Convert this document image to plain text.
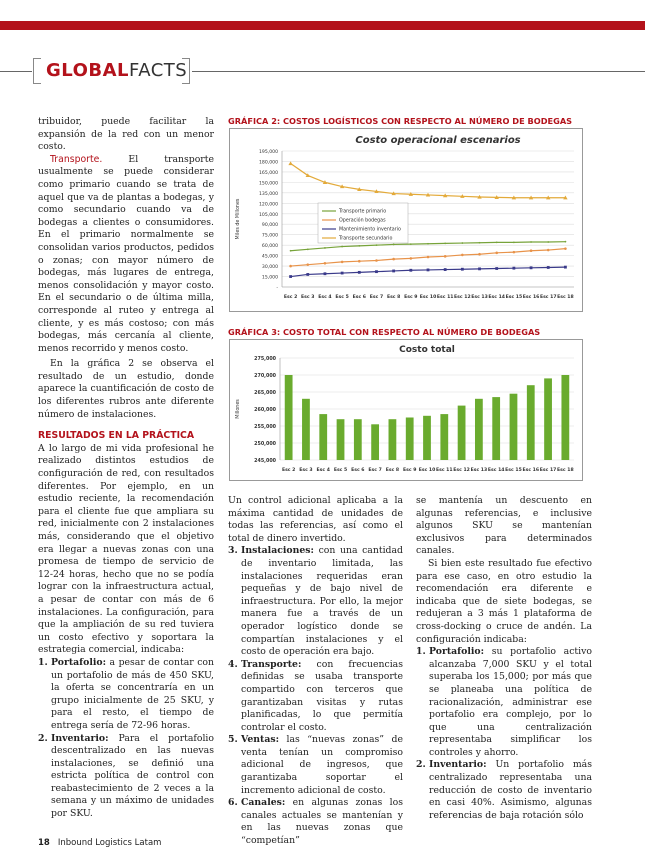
GLOBALFACTS

tribuidor, puede facilitar la expansión de la red con un menor costo.

Transporte. El transporte usualmente se puede considerar como primario cuando se trata de aquel que va de plantas a bodegas, y como secundario cuando va de bodegas a clientes o consumidores. En el primario normalmente se consolidan varios productos, pedidos o zonas; con mayor número de bodegas, más lugares de entrega, menos consolidación y mayor costo. En el secundario o de última milla, corresponde al ruteo y entrega al cliente, y es más costoso; con más bodegas, más cercanía al cliente, menos recorrido y menos costo.

En la gráfica 2 se observa el resultado de un estudio, donde aparece la cuantificación de costo de los diferentes rubros ante diferente número de instalaciones.

RESULTADOS EN LA PRÁCTICA

A lo largo de mi vida profesional he realizado distintos estudios de configuración de red, con resultados diferentes. Por ejemplo, en un estudio reciente, la recomendación para el cliente fue que ampliara su red, inicialmente con 2 instalaciones más, considerando que el objetivo era llegar a nuevas zonas con una promesa de tiempo de servicio de 12-24 horas, hecho que no se podía lograr con la infraestructura actual, a pesar de contar con más de 6 instalaciones. La configuración, para que la ampliación de su red tuviera un costo efectivo y soportara la estrategia comercial, indicaba:

1. Portafolio: a pesar de contar con un portafolio de más de 450 SKU, la oferta se concentraría en un grupo inicialmente de 25 SKU, y para el resto, el tiempo de entrega sería de 72-96 horas.
2. Inventario: Para el portafolio descentralizado en las nuevas instalaciones, se definió una estricta política de control con reabastecimiento de 2 veces a la semana y un máximo de unidades por SKU.
GRÁFICA 2: COSTOS LOGÍSTICOS CON RESPECTO AL NÚMERO DE BODEGAS
Costo operacional escenarios
-
15,000
30,000
45,000
60,000
75,000
90,000
105,000
120,000
135,000
150,000
165,000
180,000
195,000
Miles de Millones
Esc 2 Esc 3 Esc 4 Esc 5 Esc 6 Esc 7 Esc 8 Esc 9 Esc 10 Esc 11 Esc 12 Esc 13 Esc 14 Esc 15 Esc 16 Esc 17 Esc 18
Transporte primario
Operación bodegas
Mantenimiento inventario
Transporte secundario
GRÁFICA 3: COSTO TOTAL CON RESPECTO AL NÚMERO DE BODEGAS
Costo total
245,000
250,000
255,000
260,000
265,000
270,000
275,000
Millones
Esc 2 Esc 3 Esc 4 Esc 5 Esc 6 Esc 7 Esc 8 Esc 9 Esc 10 Esc 11 Esc 12 Esc 13 Esc 14 Esc 15 Esc 16 Esc 17 Esc 18

Un control adicional aplicaba a la máxima cantidad de unidades de todas las referencias, así como el total de dinero invertido.

3. Instalaciones: con una cantidad de inventario limitada, las instalaciones requeridas eran pequeñas y de bajo nivel de infraestructura. Por ello, la mejor manera fue a través de un operador logístico donde se compartían instalaciones y el costo de operación era bajo.
4. Transporte: con frecuencias definidas se usaba transporte compartido con terceros que garantizaban visitas y rutas planificadas, lo que permitía controlar el costo.
5. Ventas: las “nuevas zonas” de venta tenían un compromiso adicional de ingresos, que garantizaba soportar el incremento adicional de costo.
6. Canales: en algunas zonas los canales actuales se mantenían y en las nuevas zonas que “competían”

se mantenía un descuento en algunas referencias, e inclusive algunos SKU se mantenían exclusivos para determinados canales.

Si bien este resultado fue efectivo para ese caso, en otro estudio la recomendación era diferente e indicaba que de siete bodegas, se redujeran a 3 más 1 plataforma de cross-docking o cruce de andén. La configuración indicaba:

1. Portafolio: su portafolio activo alcanzaba 7,000 SKU y el total superaba los 15,000; por más que se planeaba una política de racionalización, administrar ese portafolio era complejo, por lo que una centralización representaba simplificar los controles y ahorro.
2. Inventario: Un portafolio más centralizado representaba una reducción de costo de inventario en casi 40%. Asimismo, algunas referencias de baja rotación sólo
18 Inbound Logistics Latam
